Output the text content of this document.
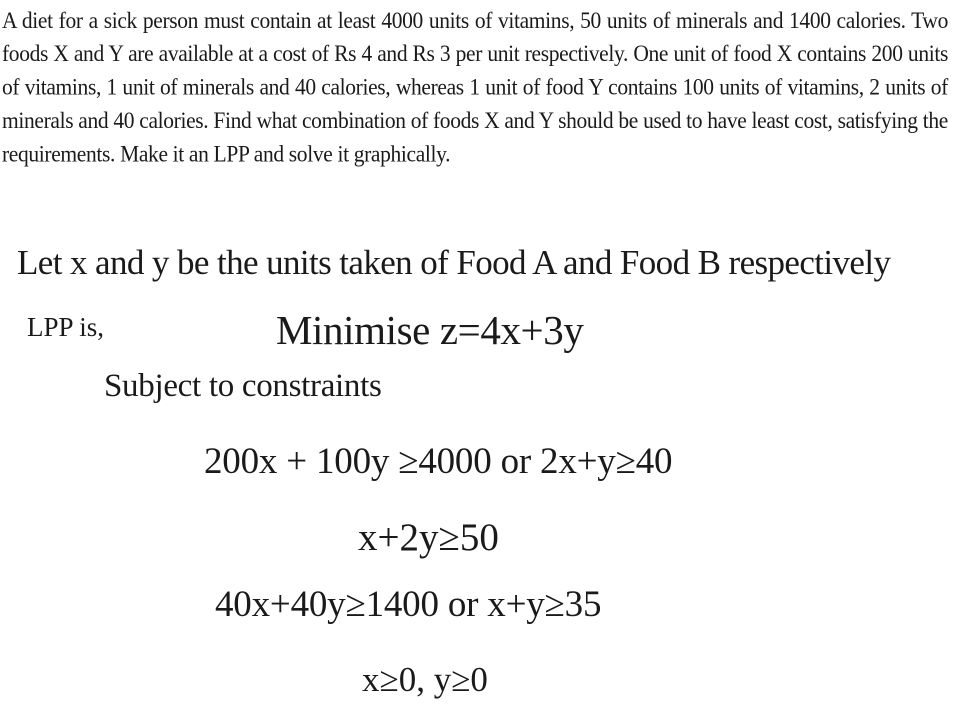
A diet for a sick person must contain at least 4000 units of vitamins, 50 units of minerals and 1400 calories. Two foods X and Y are available at a cost of Rs 4 and Rs 3 per unit respectively. One unit of food X contains 200 units of vitamins, 1 unit of minerals and 40 calories, whereas 1 unit of food Y contains 100 units of vitamins, 2 units of minerals and 40 calories. Find what combination of foods X and Y should be used to have least cost, satisfying the requirements. Make it an LPP and solve it graphically.
Let x and y be the units taken of Food A and Food B respectively
LPP is,	Minimise z=4x+3y
Subject to constraints
200x + 100y ≥4000 or 2x+y≥40
x+2y≥50
40x+40y≥1400 or x+y≥35
x≥0, y≥0
